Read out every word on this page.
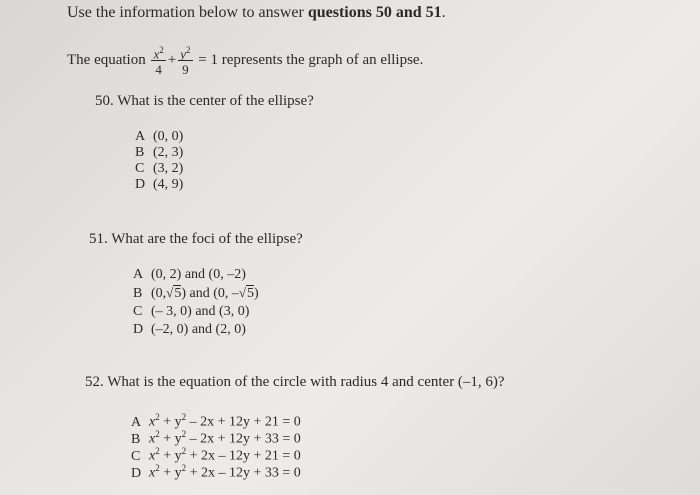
Use the information below to answer questions 50 and 51.
The equation
$\frac{x^2}{4} + \frac{y^2}{9}$
= 1 represents the graph of an ellipse.
50. What is the center of the ellipse?
A (0, 0)
B (2, 3)
C (3, 2)
D (4, 9)
51. What are the foci of the ellipse?
A (0, 2) and (0, –2)
B (0,√5) and (0, –√5)
C (– 3, 0) and (3, 0)
D (–2, 0) and (2, 0)
52. What is the equation of the circle with radius 4 and center (–1, 6)?
A $x^2 + y^2 - 2x + 12y + 21 = 0$
B $x^2 + y^2 - 2x + 12y + 33 = 0$
C $x^2 + y^2 + 2x - 12y + 21 = 0$
D $x^2 + y^2 + 2x - 12y + 33 = 0$
